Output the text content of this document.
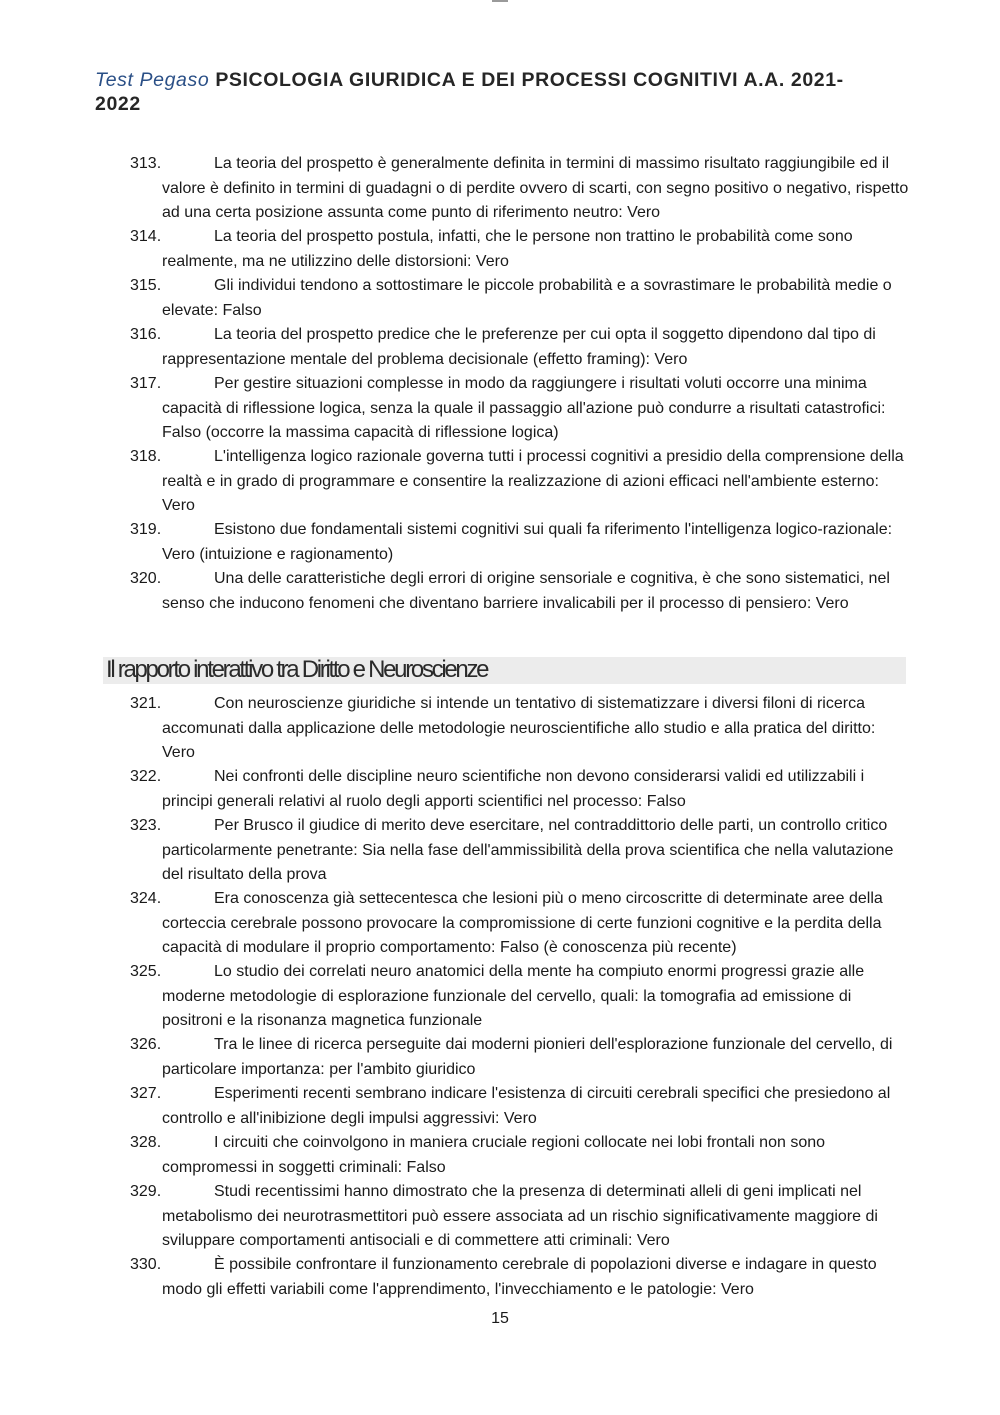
Test Pegaso PSICOLOGIA GIURIDICA E DEI PROCESSI COGNITIVI A.A. 2021-2022
313.	La teoria del prospetto è generalmente definita in termini di massimo risultato raggiungibile ed il valore è definito in termini di guadagni o di perdite ovvero di scarti, con segno positivo o negativo, rispetto ad una certa posizione assunta come punto di riferimento neutro: Vero
314.	La teoria del prospetto postula, infatti, che le persone non trattino le probabilità come sono realmente, ma ne utilizzino delle distorsioni: Vero
315.	Gli individui tendono a sottostimare le piccole probabilità e a sovrastimare le probabilità medie o elevate: Falso
316.	La teoria del prospetto predice che le preferenze per cui opta il soggetto dipendono dal tipo di rappresentazione mentale del problema decisionale (effetto framing): Vero
317.	Per gestire situazioni complesse in modo da raggiungere i risultati voluti occorre una minima capacità di riflessione logica, senza la quale il passaggio all'azione può condurre a risultati catastrofici: Falso (occorre la massima capacità di riflessione logica)
318.	L'intelligenza logico razionale governa tutti i processi cognitivi a presidio della comprensione della realtà e in grado di programmare e consentire la realizzazione di azioni efficaci nell'ambiente esterno: Vero
319.	Esistono due fondamentali sistemi cognitivi sui quali fa riferimento l'intelligenza logico-razionale: Vero (intuizione e ragionamento)
320.	Una delle caratteristiche degli errori di origine sensoriale e cognitiva, è che sono sistematici, nel senso che inducono fenomeni che diventano barriere invalicabili per il processo di pensiero: Vero
Il rapporto interattivo tra Diritto e Neuroscienze
321.	Con neuroscienze giuridiche si intende un tentativo di sistematizzare i diversi filoni di ricerca accomunati dalla applicazione delle metodologie neuroscientifiche allo studio e alla pratica del diritto: Vero
322.	Nei confronti delle discipline neuro scientifiche non devono considerarsi validi ed utilizzabili i principi generali relativi al ruolo degli apporti scientifici nel processo: Falso
323.	Per Brusco il giudice di merito deve esercitare, nel contraddittorio delle parti, un controllo critico particolarmente penetrante: Sia nella fase dell'ammissibilità della prova scientifica che nella valutazione del risultato della prova
324.	Era conoscenza già settecentesca che lesioni più o meno circoscritte di determinate aree della corteccia cerebrale possono provocare la compromissione di certe funzioni cognitive e la perdita della capacità di modulare il proprio comportamento: Falso (è conoscenza più recente)
325.	Lo studio dei correlati neuro anatomici della mente ha compiuto enormi progressi grazie alle moderne metodologie di esplorazione funzionale del cervello, quali: la tomografia ad emissione di positroni e la risonanza magnetica funzionale
326.	Tra le linee di ricerca perseguite dai moderni pionieri dell'esplorazione funzionale del cervello, di particolare importanza: per l'ambito giuridico
327.	Esperimenti recenti sembrano indicare l'esistenza di circuiti cerebrali specifici che presiedono al controllo e all'inibizione degli impulsi aggressivi: Vero
328.	I circuiti che coinvolgono in maniera cruciale regioni collocate nei lobi frontali non sono compromessi in soggetti criminali: Falso
329.	Studi recentissimi hanno dimostrato che la presenza di determinati alleli di geni implicati nel metabolismo dei neurotrasmettitori può essere associata ad un rischio significativamente maggiore di sviluppare comportamenti antisociali e di commettere atti criminali: Vero
330.	È possibile confrontare il funzionamento cerebrale di popolazioni diverse e indagare in questo modo gli effetti variabili come l'apprendimento, l'invecchiamento e le patologie: Vero
15
